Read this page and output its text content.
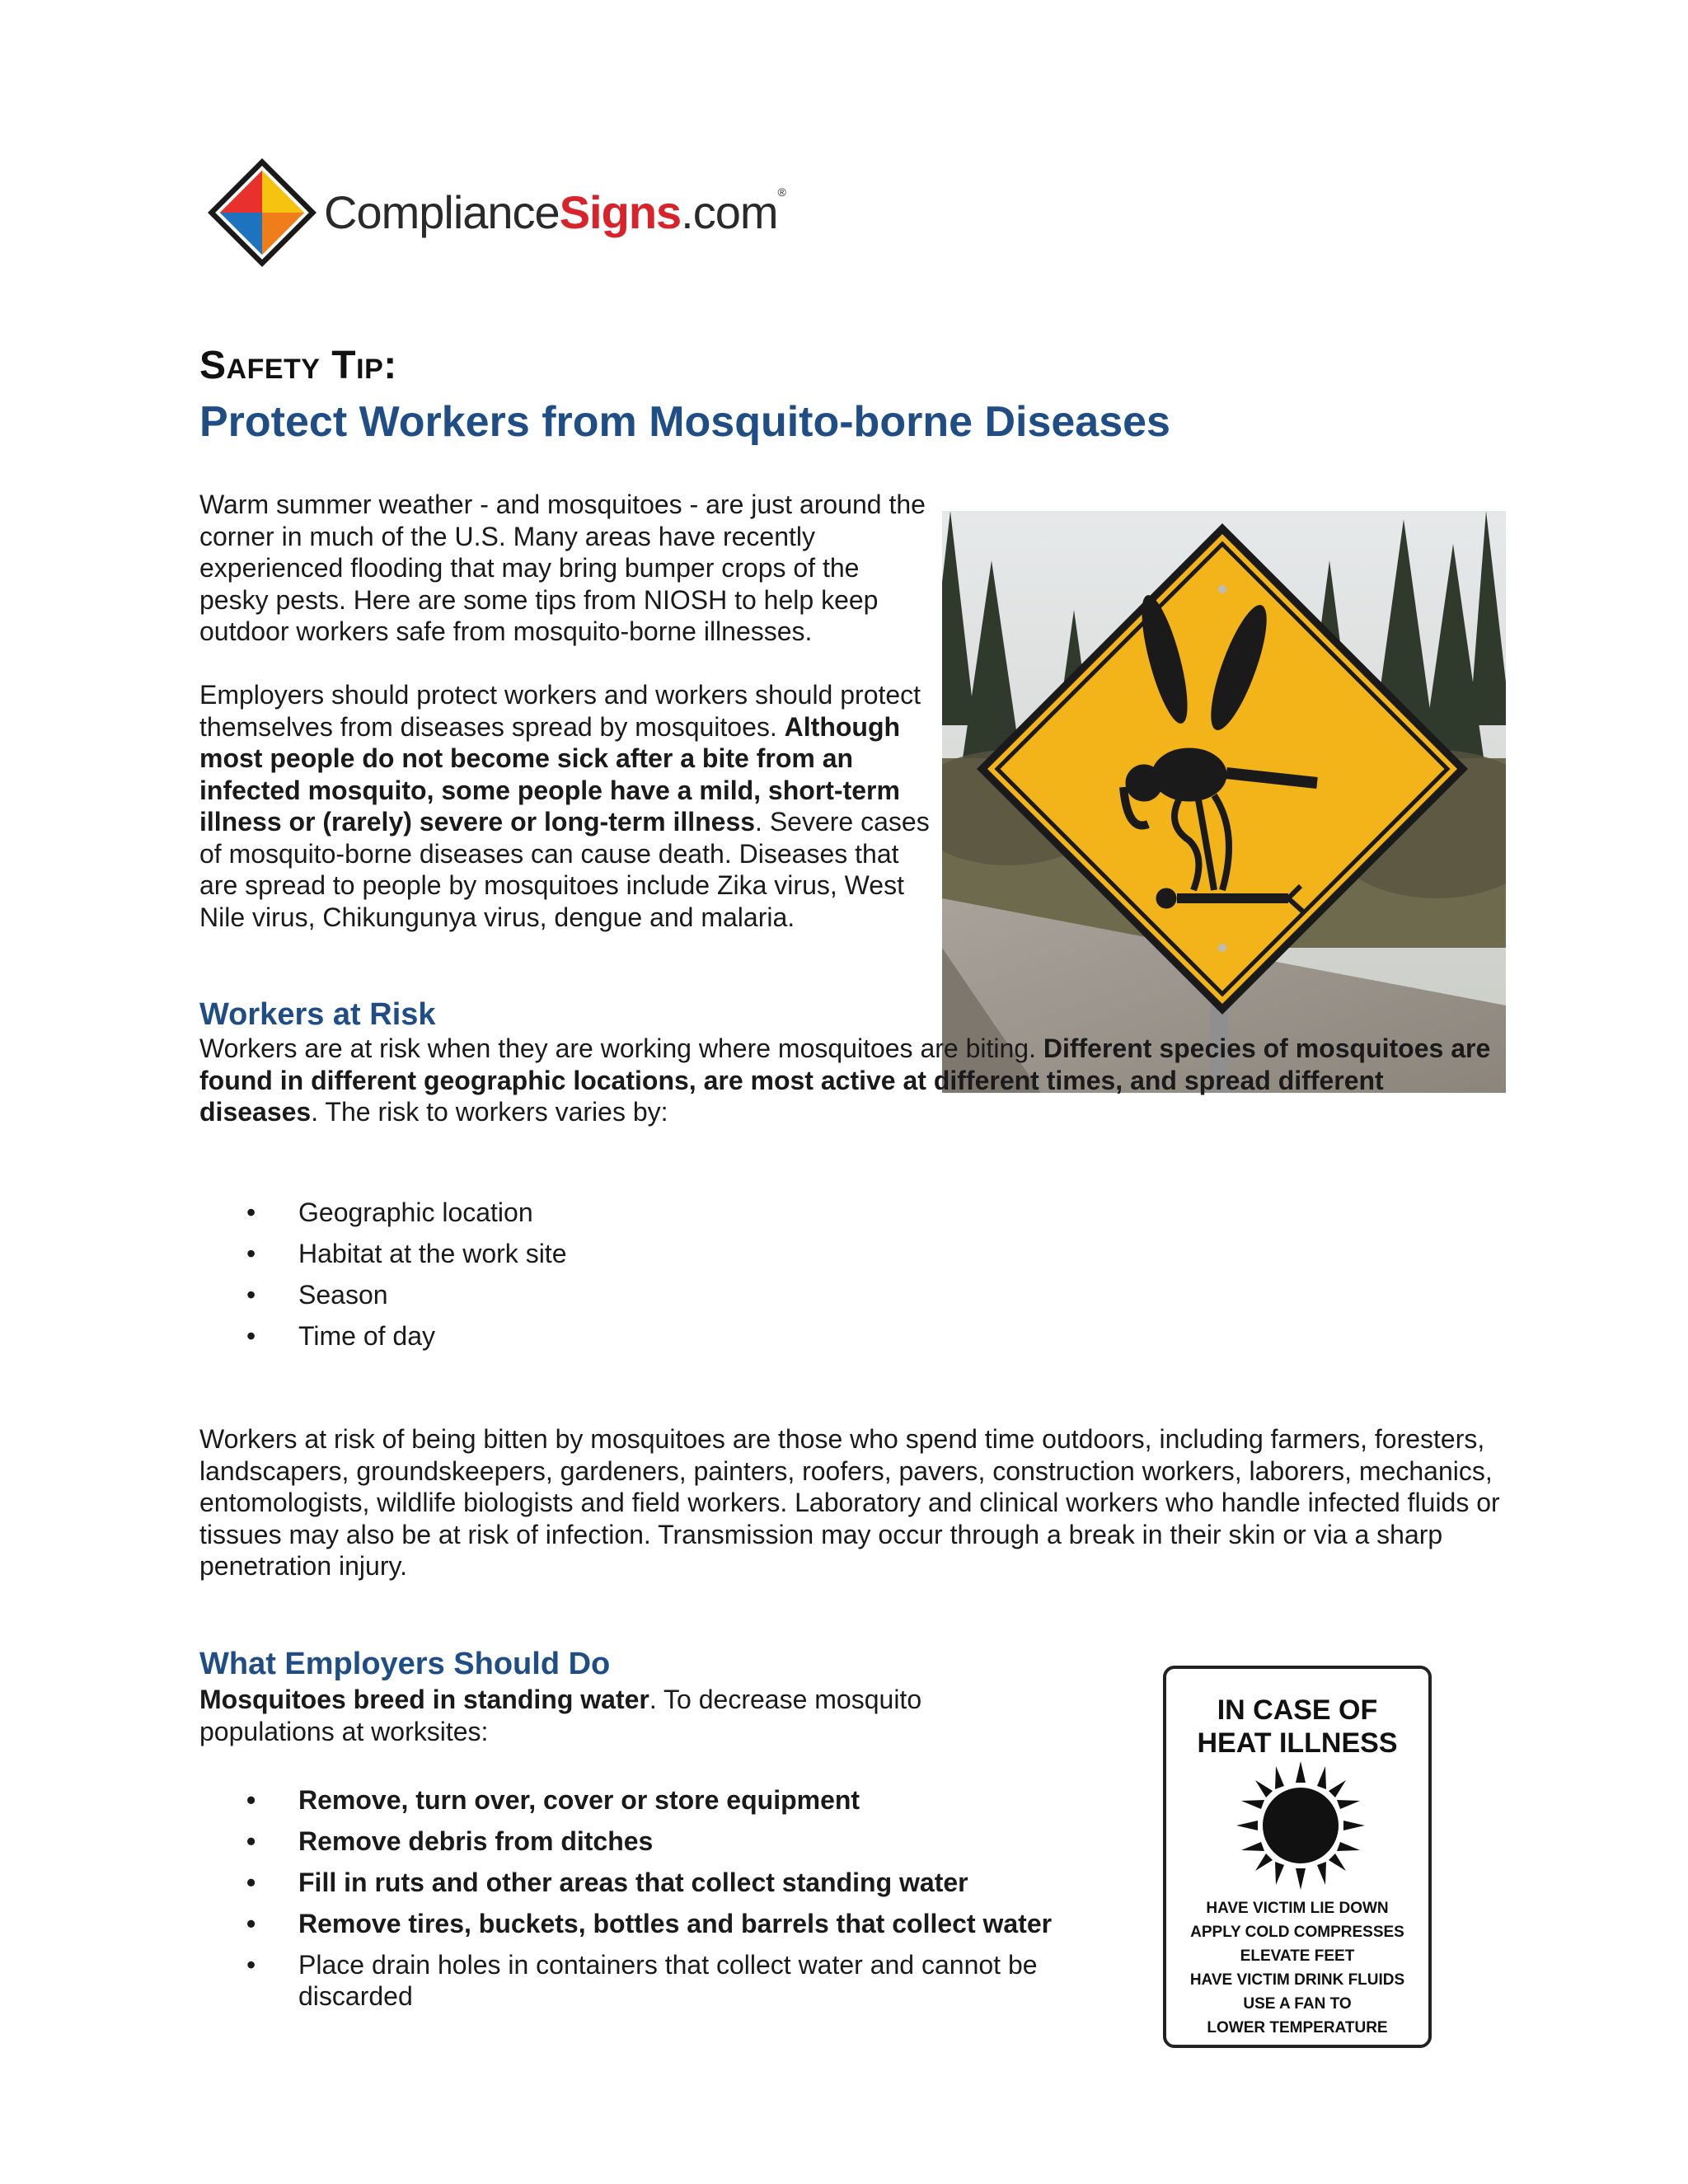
ComplianceSigns.com®
Safety Tip:
Protect Workers from Mosquito-borne Diseases
Warm summer weather - and mosquitoes - are just around the corner in much of the U.S. Many areas have recently experienced flooding that may bring bumper crops of the pesky pests. Here are some tips from NIOSH to help keep outdoor workers safe from mosquito-borne illnesses.
Employers should protect workers and workers should protect themselves from diseases spread by mosquitoes. Although most people do not become sick after a bite from an infected mosquito, some people have a mild, short-term illness or (rarely) severe or long-term illness. Severe cases of mosquito-borne diseases can cause death. Diseases that are spread to people by mosquitoes include Zika virus, West Nile virus, Chikungunya virus, dengue and malaria.
Workers at Risk
Workers are at risk when they are working where mosquitoes are biting. Different species of mosquitoes are found in different geographic locations, are most active at different times, and spread different diseases. The risk to workers varies by:
• Geographic location
• Habitat at the work site
• Season
• Time of day
Workers at risk of being bitten by mosquitoes are those who spend time outdoors, including farmers, foresters, landscapers, groundskeepers, gardeners, painters, roofers, pavers, construction workers, laborers, mechanics, entomologists, wildlife biologists and field workers. Laboratory and clinical workers who handle infected fluids or tissues may also be at risk of infection. Transmission may occur through a break in their skin or via a sharp penetration injury.
What Employers Should Do
Mosquitoes breed in standing water. To decrease mosquito populations at worksites:
• Remove, turn over, cover or store equipment
• Remove debris from ditches
• Fill in ruts and other areas that collect standing water
• Remove tires, buckets, bottles and barrels that collect water
• Place drain holes in containers that collect water and cannot be discarded
IN CASE OF
HEAT ILLNESS
HAVE VICTIM LIE DOWN
APPLY COLD COMPRESSES
ELEVATE FEET
HAVE VICTIM DRINK FLUIDS
USE A FAN TO
LOWER TEMPERATURE
